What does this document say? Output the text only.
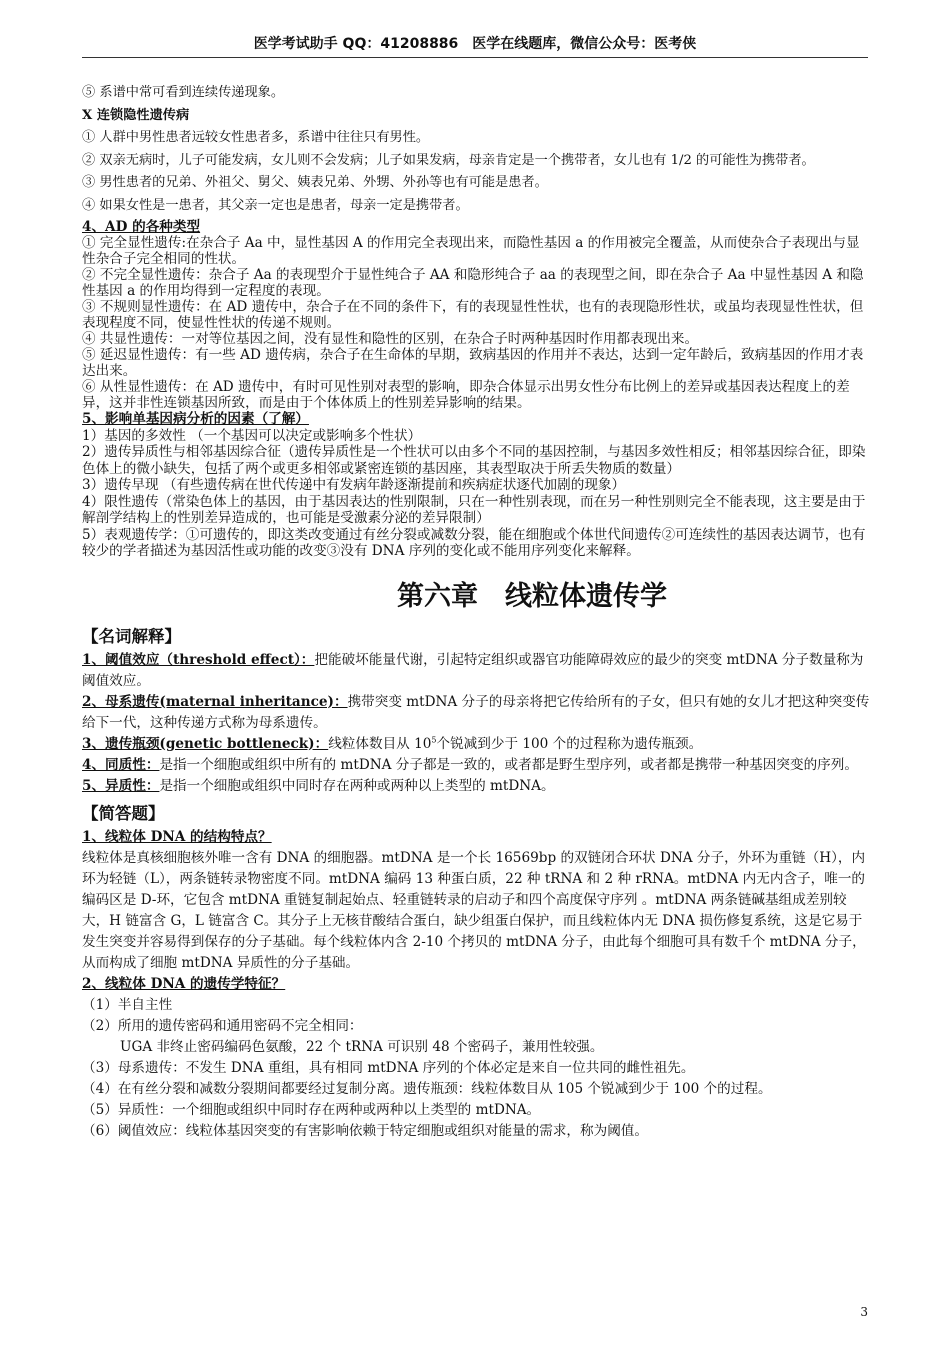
医学考试助手 QQ：41208886　医学在线题库，微信公众号：医考侠

⑤ 系谱中常可看到连续传递现象。

X 连锁隐性遗传病

① 人群中男性患者远较女性患者多，系谱中往往只有男性。

② 双亲无病时，儿子可能发病，女儿则不会发病；儿子如果发病，母亲肯定是一个携带者，女儿也有 1/2 的可能性为携带者。

③ 男性患者的兄弟、外祖父、舅父、姨表兄弟、外甥、外孙等也有可能是患者。

④ 如果女性是一患者，其父亲一定也是患者，母亲一定是携带者。

4、AD 的各种类型

① 完全显性遗传:在杂合子 Aa 中，显性基因 A 的作用完全表现出来，而隐性基因 a 的作用被完全覆盖，从而使杂合子表现出与显性杂合子完全相同的性状。

② 不完全显性遗传：杂合子 Aa 的表现型介于显性纯合子 AA 和隐形纯合子 aa 的表现型之间，即在杂合子 Aa 中显性基因 A 和隐性基因 a 的作用均得到一定程度的表现。

③ 不规则显性遗传：在 AD 遗传中，杂合子在不同的条件下，有的表现显性性状，也有的表现隐形性状，或虽均表现显性性状，但表现程度不同，使显性性状的传递不规则。

④ 共显性遗传：一对等位基因之间，没有显性和隐性的区别，在杂合子时两种基因时作用都表现出来。

⑤ 延迟显性遗传：有一些 AD 遗传病，杂合子在生命体的早期，致病基因的作用并不表达，达到一定年龄后，致病基因的作用才表达出来。

⑥ 从性显性遗传：在 AD 遗传中，有时可见性别对表型的影响，即杂合体显示出男女性分布比例上的差异或基因表达程度上的差异，这并非性连锁基因所致，而是由于个体体质上的性别差异影响的结果。

5、影响单基因病分析的因素（了解）

1）基因的多效性 （一个基因可以决定或影响多个性状）

2）遗传异质性与相邻基因综合征（遗传异质性是一个性状可以由多个不同的基因控制，与基因多效性相反；相邻基因综合征，即染色体上的微小缺失，包括了两个或更多相邻或紧密连锁的基因座，其表型取决于所丢失物质的数量）

3）遗传早现 （有些遗传病在世代传递中有发病年龄逐渐提前和疾病症状逐代加剧的现象）

4）限性遗传（常染色体上的基因，由于基因表达的性别限制，只在一种性别表现，而在另一种性别则完全不能表现，这主要是由于解剖学结构上的性别差异造成的，也可能是受激素分泌的差异限制）

5）表观遗传学：①可遗传的，即这类改变通过有丝分裂或减数分裂，能在细胞或个体世代间遗传②可连续性的基因表达调节，也有较少的学者描述为基因活性或功能的改变③没有 DNA 序列的变化或不能用序列变化来解释。

第六章　线粒体遗传学
【名词解释】

1、阈值效应（threshold effect）：把能破坏能量代谢，引起特定组织或器官功能障碍效应的最少的突变 mtDNA 分子数量称为阈值效应。

2、母系遗传(maternal inheritance)：携带突变 mtDNA 分子的母亲将把它传给所有的子女，但只有她的女儿才把这种突变传给下一代，这种传递方式称为母系遗传。

3、遗传瓶颈(genetic bottleneck)：线粒体数目从 $10^5$个锐减到少于 100 个的过程称为遗传瓶颈。

4、同质性：是指一个细胞或组织中所有的 mtDNA 分子都是一致的，或者都是野生型序列，或者都是携带一种基因突变的序列。

5、异质性：是指一个细胞或组织中同时存在两种或两种以上类型的 mtDNA。

【简答题】

1、线粒体 DNA 的结构特点？

线粒体是真核细胞核外唯一含有 DNA 的细胞器。mtDNA 是一个长 16569bp 的双链闭合环状 DNA 分子，外环为重链（H），内环为轻链（L），两条链转录物密度不同。mtDNA 编码 13 种蛋白质，22 种 tRNA 和 2 种 rRNA。mtDNA 内无内含子，唯一的编码区是 D-环，它包含 mtDNA 重链复制起始点、轻重链转录的启动子和四个高度保守序列 。mtDNA 两条链碱基组成差别较大，H 链富含 G，L 链富含 C。其分子上无核苷酸结合蛋白，缺少组蛋白保护，而且线粒体内无 DNA 损伤修复系统，这是它易于发生突变并容易得到保存的分子基础。每个线粒体内含 2-10 个拷贝的 mtDNA 分子，由此每个细胞可具有数千个 mtDNA 分子，从而构成了细胞 mtDNA 异质性的分子基础。

2、线粒体 DNA 的遗传学特征？

（1）半自主性

（2）所用的遗传密码和通用密码不完全相同：

UGA 非终止密码编码色氨酸，22 个 tRNA 可识别 48 个密码子，兼用性较强。

（3）母系遗传：不发生 DNA 重组，具有相同 mtDNA 序列的个体必定是来自一位共同的雌性祖先。

（4）在有丝分裂和减数分裂期间都要经过复制分离。遗传瓶颈：线粒体数目从 105 个锐减到少于 100 个的过程。

（5）异质性：一个细胞或组织中同时存在两种或两种以上类型的 mtDNA。

（6）阈值效应：线粒体基因突变的有害影响依赖于特定细胞或组织对能量的需求，称为阈值。

3
